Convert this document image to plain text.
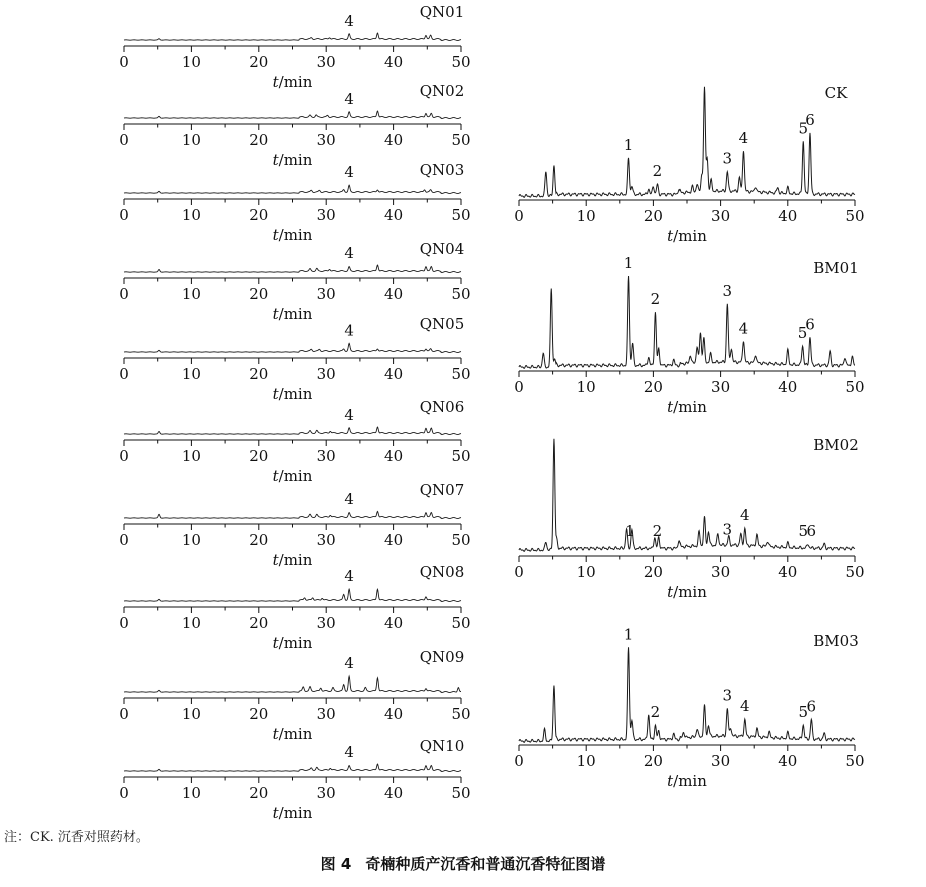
0	10	20	30	40	50
t/min
QN01
4
0	10	20	30	40	50
t/min
QN02
4
0	10	20	30	40	50
t/min
QN03
4
0	10	20	30	40	50
t/min
QN04
4
0	10	20	30	40	50
t/min
QN05
4
0	10	20	30	40	50
t/min
QN06
4
0	10	20	30	40	50
t/min
QN07
4
0	10	20	30	40	50
t/min
QN08
4
0	10	20	30	40	50
t/min
QN09
4
0	10	20	30	40	50
t/min
QN10
4
0	10	20	30	40	50
t/min
CK
1
2
3
4
5
6
0	10	20	30	40	50
t/min
BM01
1
2	3
4	5
6
0	10	20	30	40	50
t/min
BM02
1 2	3
4
5
6
0	10	20	30	40	50
t/min
BM03
1
2
3
4	5
6
注：CK. 沉香对照药材。
图 4 奇楠种质产沉香和普通沉香特征图谱
